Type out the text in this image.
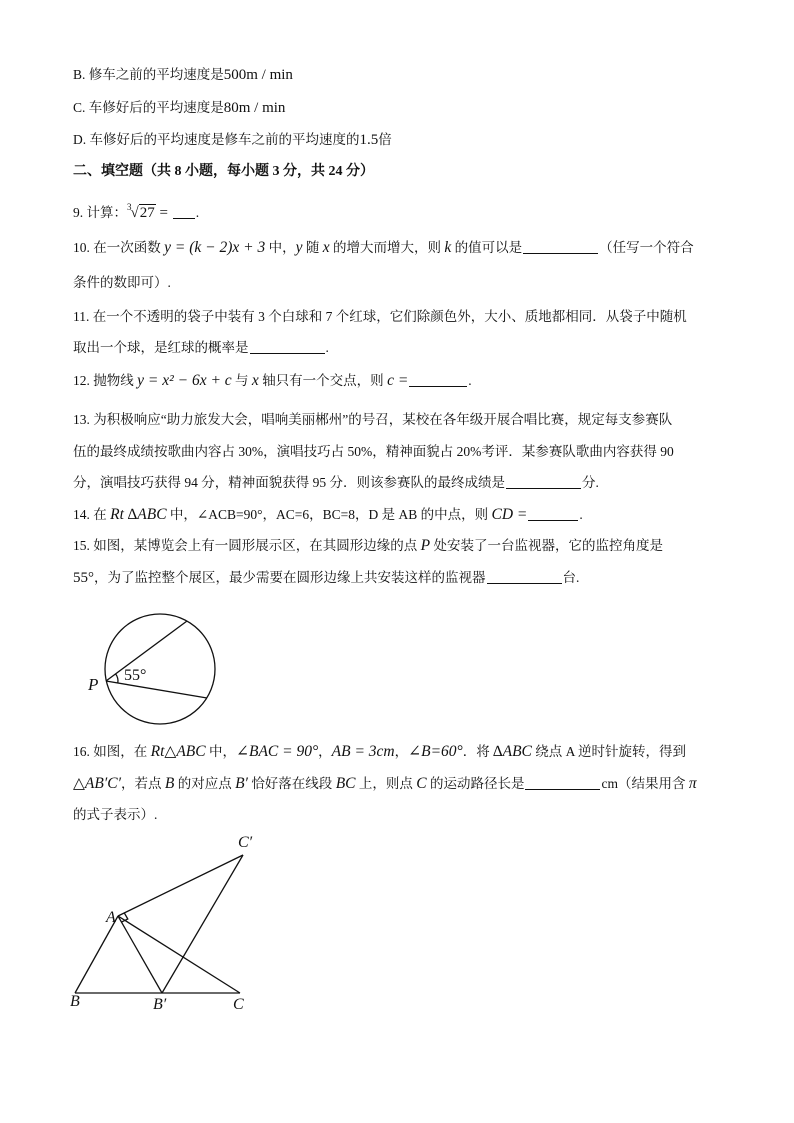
B. 修车之前的平均速度是500m / min
C. 车修好后的平均速度是80m / min
D. 车修好后的平均速度是修车之前的平均速度的1.5倍
二、填空题（共 8 小题，每小题 3 分，共 24 分）
9. 计算：$^3$√27 = .
10. 在一次函数 y = (k − 2)x + 3 中，y 随 x 的增大而增大，则 k 的值可以是	（任写一个符合
条件的数即可）.
11. 在一个不透明的袋子中装有 3 个白球和 7 个红球，它们除颜色外，大小、质地都相同．从袋子中随机
取出一个球，是红球的概率是	.
12. 抛物线 y = x² − 6x + c 与 x 轴只有一个交点，则 c =	.
13. 为积极响应“助力旅发大会，唱响美丽郴州”的号召，某校在各年级开展合唱比赛，规定每支参赛队
伍的最终成绩按歌曲内容占 30%，演唱技巧占 50%，精神面貌占 20%考评．某参赛队歌曲内容获得 90
分，演唱技巧获得 94 分，精神面貌获得 95 分．则该参赛队的最终成绩是	分.
14. 在 Rt ∆ABC 中，∠ACB=90°，AC=6，BC=8，D 是 AB 的中点，则 CD =	.
15. 如图，某博览会上有一圆形展示区，在其圆形边缘的点 P 处安装了一台监视器，它的监控角度是
55°，为了监控整个展区，最少需要在圆形边缘上共安装这样的监视器	台.
16. 如图，在 Rt△ABC 中，∠BAC = 90°，AB = 3cm，∠B=60°．将 ∆ABC 绕点 A 逆时针旋转，得到
△AB′C′，若点 B 的对应点 B′ 恰好落在线段 BC 上，则点 C 的运动路径长是	cm（结果用含 π
的式子表示）.
55°
P
C′
A
B	B′	C
